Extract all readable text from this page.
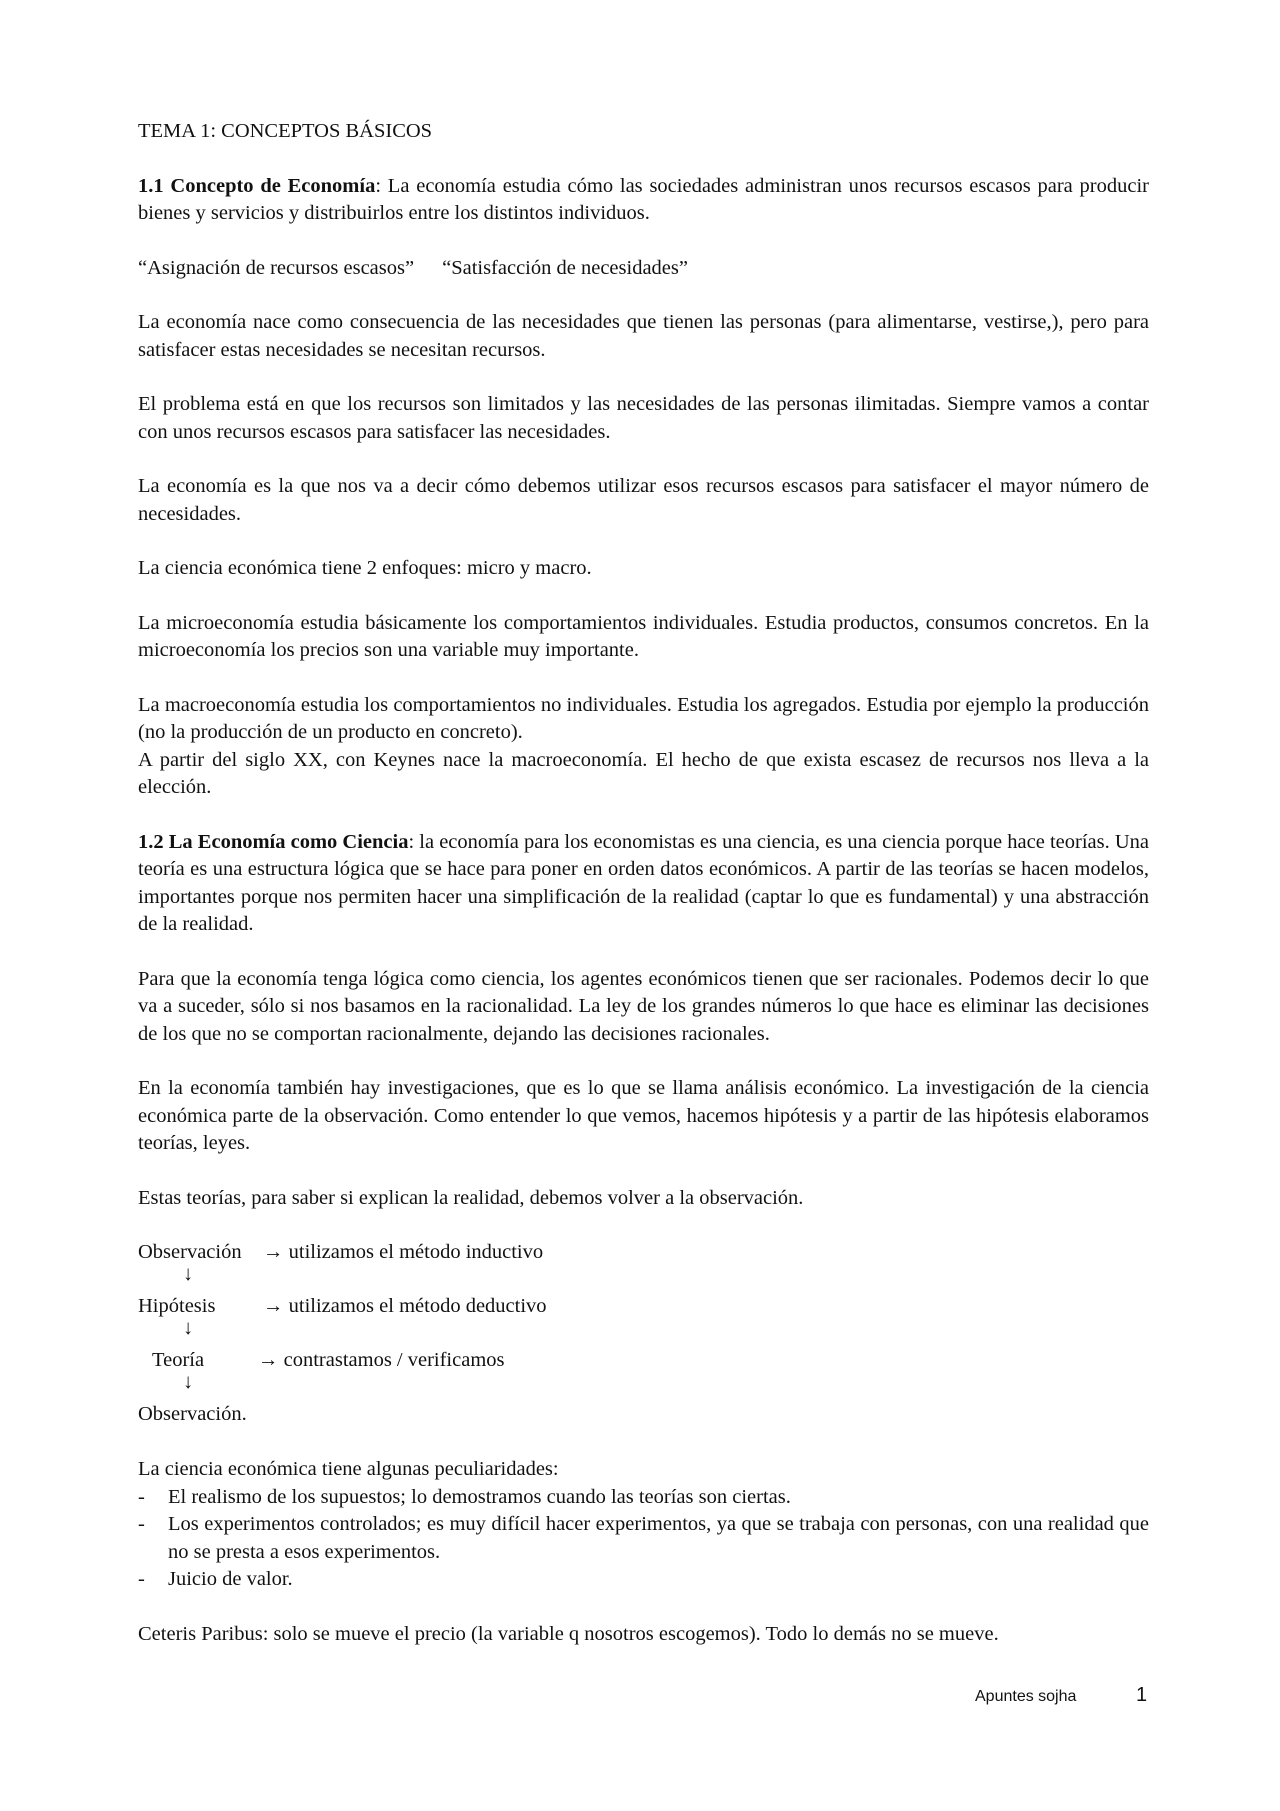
TEMA 1: CONCEPTOS BÁSICOS

1.1 Concepto de Economía: La economía estudia cómo las sociedades administran unos recursos escasos para producir bienes y servicios y distribuirlos entre los distintos individuos.

“Asignación de recursos escasos” “Satisfacción de necesidades”

La economía nace como consecuencia de las necesidades que tienen las personas (para alimentarse, vestirse,), pero para satisfacer estas necesidades se necesitan recursos.

El problema está en que los recursos son limitados y las necesidades de las personas ilimitadas. Siempre vamos a contar con unos recursos escasos para satisfacer las necesidades.

La economía es la que nos va a decir cómo debemos utilizar esos recursos escasos para satisfacer el mayor número de necesidades.

La ciencia económica tiene 2 enfoques: micro y macro.

La microeconomía estudia básicamente los comportamientos individuales. Estudia productos, consumos concretos. En la microeconomía los precios son una variable muy importante.

La macroeconomía estudia los comportamientos no individuales. Estudia los agregados. Estudia por ejemplo la producción (no la producción de un producto en concreto).

A partir del siglo XX, con Keynes nace la macroeconomía. El hecho de que exista escasez de recursos nos lleva a la elección.

1.2 La Economía como Ciencia: la economía para los economistas es una ciencia, es una ciencia porque hace teorías. Una teoría es una estructura lógica que se hace para poner en orden datos económicos. A partir de las teorías se hacen modelos, importantes porque nos permiten hacer una simplificación de la realidad (captar lo que es fundamental) y una abstracción de la realidad.

Para que la economía tenga lógica como ciencia, los agentes económicos tienen que ser racionales. Podemos decir lo que va a suceder, sólo si nos basamos en la racionalidad. La ley de los grandes números lo que hace es eliminar las decisiones de los que no se comportan racionalmente, dejando las decisiones racionales.

En la economía también hay investigaciones, que es lo que se llama análisis económico. La investigación de la ciencia económica parte de la observación. Como entender lo que vemos, hacemos hipótesis y a partir de las hipótesis elaboramos teorías, leyes.

Estas teorías, para saber si explican la realidad, debemos volver a la observación.

Observación → utilizamos el método inductivo
↓
Hipótesis → utilizamos el método deductivo
↓
Teoría	→ contrastamos / verificamos
↓
Observación.

La ciencia económica tiene algunas peculiaridades:

- El realismo de los supuestos; lo demostramos cuando las teorías son ciertas.
- Los experimentos controlados; es muy difícil hacer experimentos, ya que se trabaja con personas, con una realidad que no se presta a esos experimentos.
- Juicio de valor.

Ceteris Paribus: solo se mueve el precio (la variable q nosotros escogemos). Todo lo demás no se mueve.

Apuntes sojha	1
